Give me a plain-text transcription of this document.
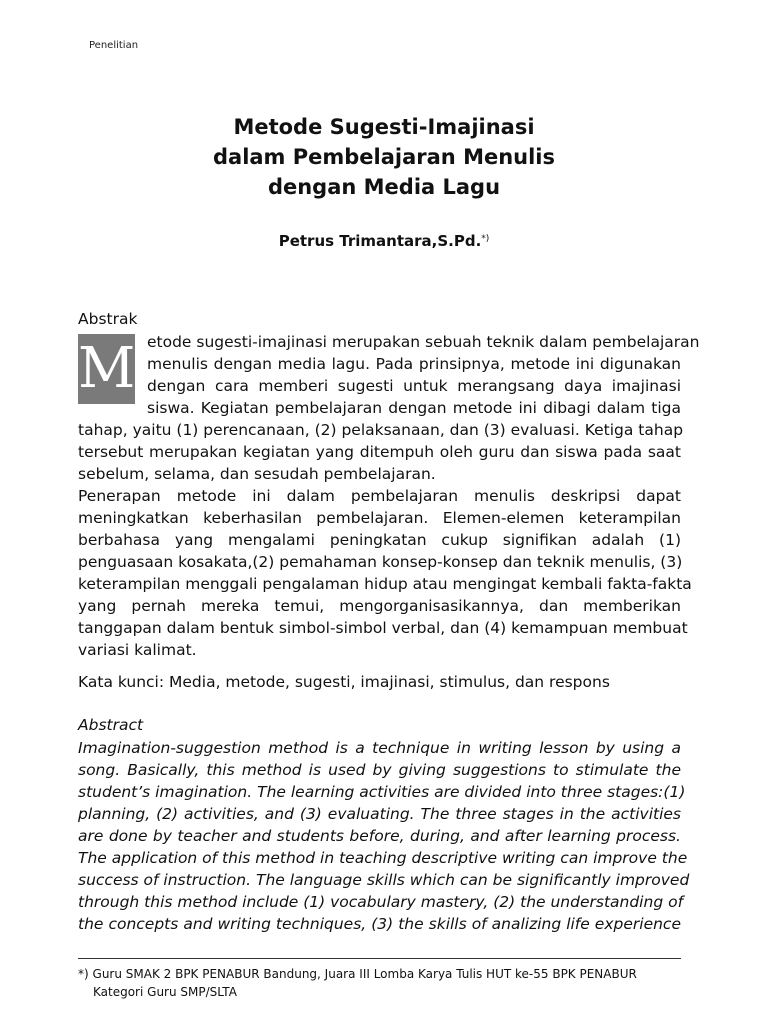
Penelitian
Metode Sugesti-Imajinasi
dalam Pembelajaran Menulis
dengan Media Lagu
Petrus Trimantara,S.Pd.*)
Abstrak
M etode sugesti-imajinasi merupakan sebuah teknik dalam pembelajaran
menulis dengan media lagu. Pada prinsipnya, metode ini digunakan
dengan cara memberi sugesti untuk merangsang daya imajinasi
siswa. Kegiatan pembelajaran dengan metode ini dibagi dalam tiga
tahap, yaitu (1) perencanaan, (2) pelaksanaan, dan (3) evaluasi. Ketiga tahap
tersebut merupakan kegiatan yang ditempuh oleh guru dan siswa pada saat
sebelum, selama, dan sesudah pembelajaran.
Penerapan metode ini dalam pembelajaran menulis deskripsi dapat
meningkatkan keberhasilan pembelajaran. Elemen-elemen keterampilan
berbahasa yang mengalami peningkatan cukup signifikan adalah (1)
penguasaan kosakata,(2) pemahaman konsep-konsep dan teknik menulis, (3)
keterampilan menggali pengalaman hidup atau mengingat kembali fakta-fakta
yang pernah mereka temui, mengorganisasikannya, dan memberikan
tanggapan dalam bentuk simbol-simbol verbal, dan (4) kemampuan membuat
variasi kalimat.
Kata kunci: Media, metode, sugesti, imajinasi, stimulus, dan respons
Abstract
Imagination-suggestion method is a technique in writing lesson by using a
song. Basically, this method is used by giving suggestions to stimulate the
student’s imagination. The learning activities are divided into three stages:(1)
planning, (2) activities, and (3) evaluating. The three stages in the activities
are done by teacher and students before, during, and after learning process.
The application of this method in teaching descriptive writing can improve the
success of instruction. The language skills which can be significantly improved
through this method include (1) vocabulary mastery, (2) the understanding of
the concepts and writing techniques, (3) the skills of analizing life experience
*) Guru SMAK 2 BPK PENABUR Bandung, Juara III Lomba Karya Tulis HUT ke-55 BPK PENABUR
Kategori Guru SMP/SLTA
